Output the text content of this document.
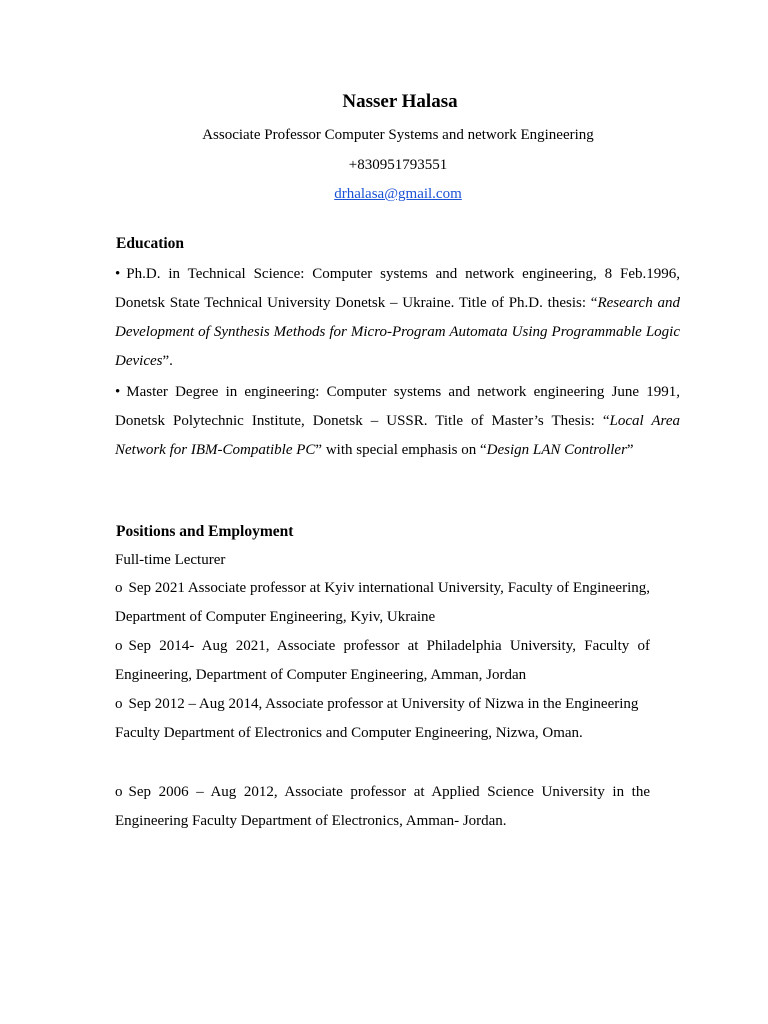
Nasser Halasa
Associate Professor Computer Systems and network Engineering
+830951793551
drhalasa@gmail.com
Education
• Ph.D. in Technical Science: Computer systems and network engineering, 8 Feb.1996, Donetsk State Technical University Donetsk – Ukraine. Title of Ph.D. thesis: “Research and Development of Synthesis Methods for Micro-Program Automata Using Programmable Logic Devices”.
• Master Degree in engineering: Computer systems and network engineering June 1991, Donetsk Polytechnic Institute, Donetsk – USSR. Title of Master’s Thesis: “Local Area Network for IBM-Compatible PC” with special emphasis on “Design LAN Controller”
Positions and Employment
Full-time Lecturer
o Sep 2021 Associate professor at Kyiv international University, Faculty of Engineering, Department of Computer Engineering, Kyiv, Ukraine
o Sep 2014- Aug 2021, Associate professor at Philadelphia University, Faculty of Engineering, Department of Computer Engineering, Amman, Jordan
o Sep 2012 – Aug 2014, Associate professor at University of Nizwa in the Engineering Faculty Department of Electronics and Computer Engineering, Nizwa, Oman.
o Sep 2006 – Aug 2012, Associate professor at Applied Science University in the Engineering Faculty Department of Electronics, Amman- Jordan.
